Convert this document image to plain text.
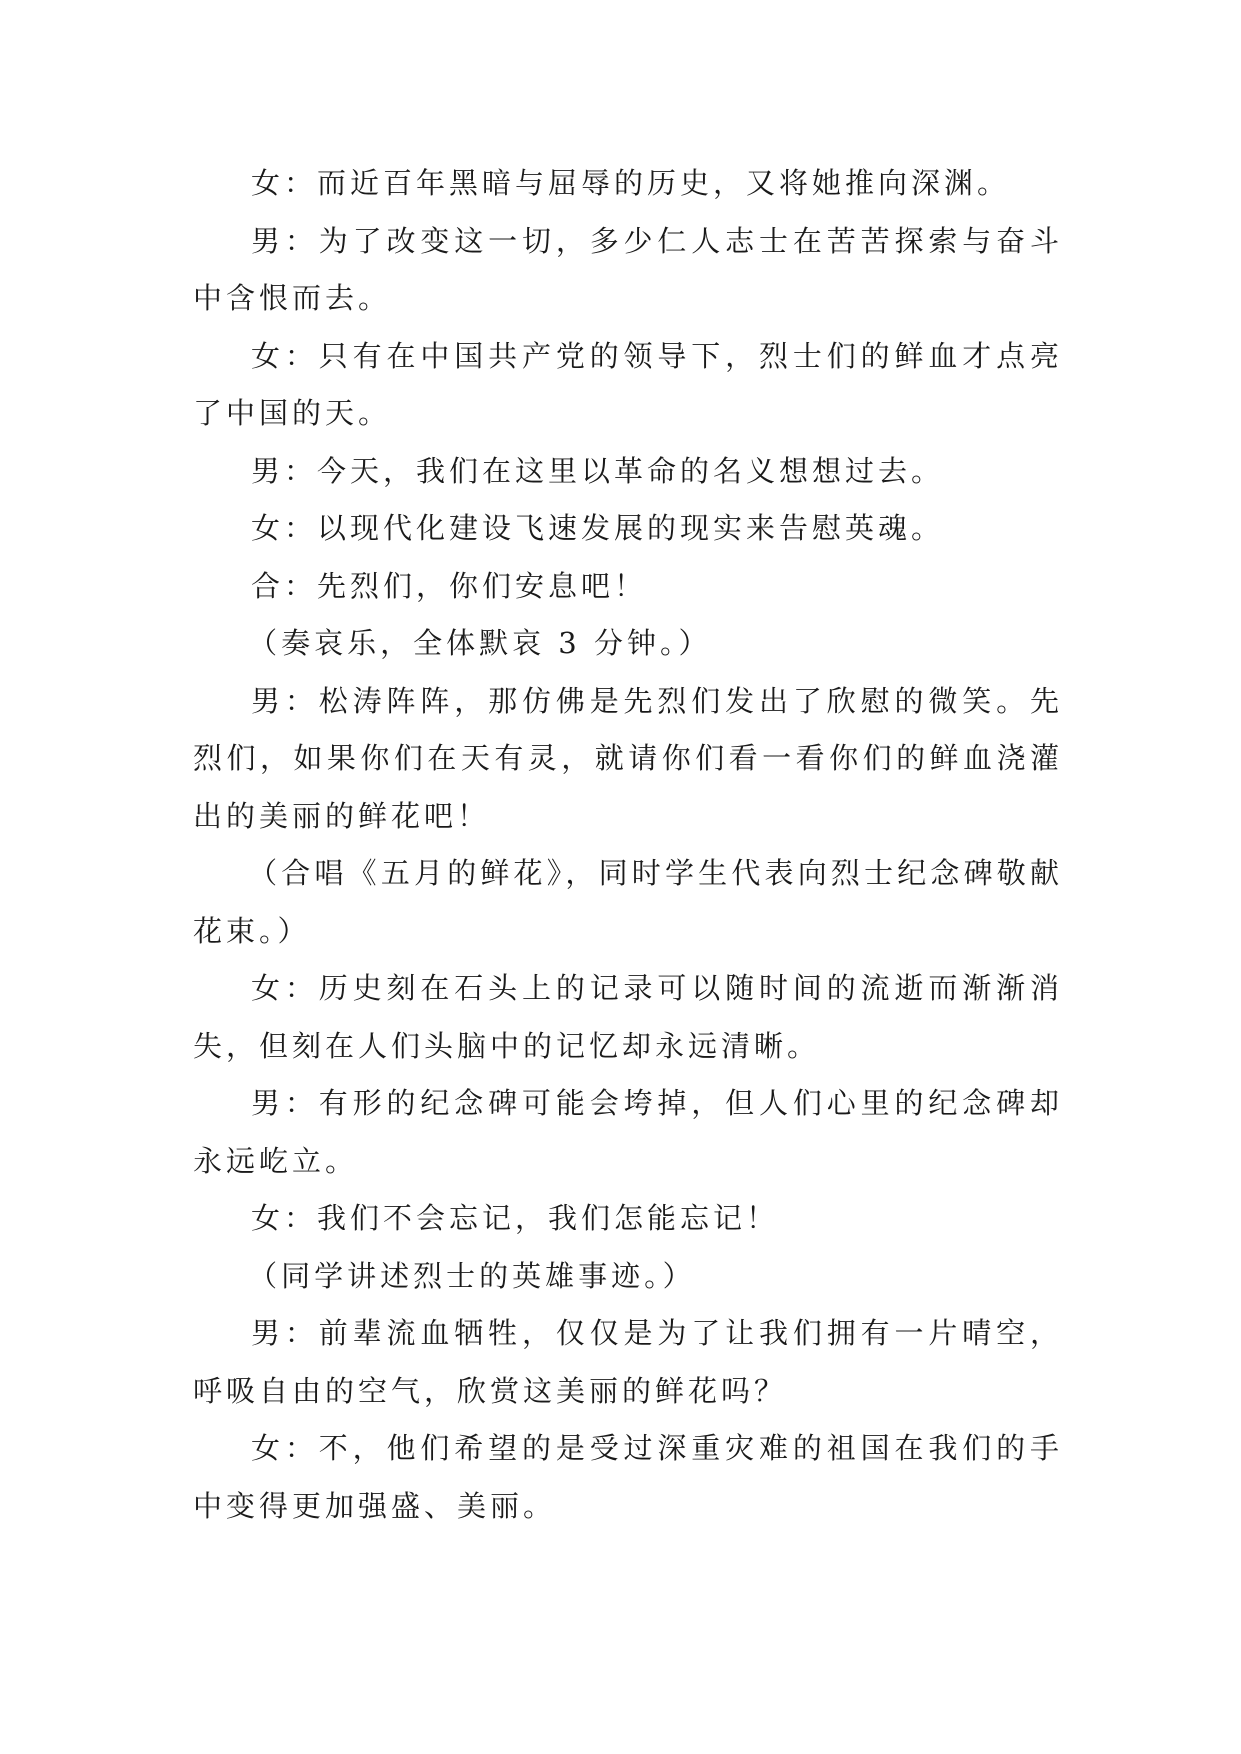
女：而近百年黑暗与屈辱的历史，又将她推向深渊。

男：为了改变这一切，多少仁人志士在苦苦探索与奋斗中含恨而去。

女：只有在中国共产党的领导下，烈士们的鲜血才点亮了中国的天。

男：今天，我们在这里以革命的名义想想过去。

女：以现代化建设飞速发展的现实来告慰英魂。

合：先烈们，你们安息吧！

（奏哀乐，全体默哀 3 分钟。）

男：松涛阵阵，那仿佛是先烈们发出了欣慰的微笑。先烈们，如果你们在天有灵，就请你们看一看你们的鲜血浇灌出的美丽的鲜花吧！

（合唱《五月的鲜花》，同时学生代表向烈士纪念碑敬献花束。）

女：历史刻在石头上的记录可以随时间的流逝而渐渐消失，但刻在人们头脑中的记忆却永远清晰。

男：有形的纪念碑可能会垮掉，但人们心里的纪念碑却永远屹立。

女：我们不会忘记，我们怎能忘记！

（同学讲述烈士的英雄事迹。）

男：前辈流血牺牲，仅仅是为了让我们拥有一片晴空，呼吸自由的空气，欣赏这美丽的鲜花吗？

女：不，他们希望的是受过深重灾难的祖国在我们的手中变得更加强盛、美丽。
